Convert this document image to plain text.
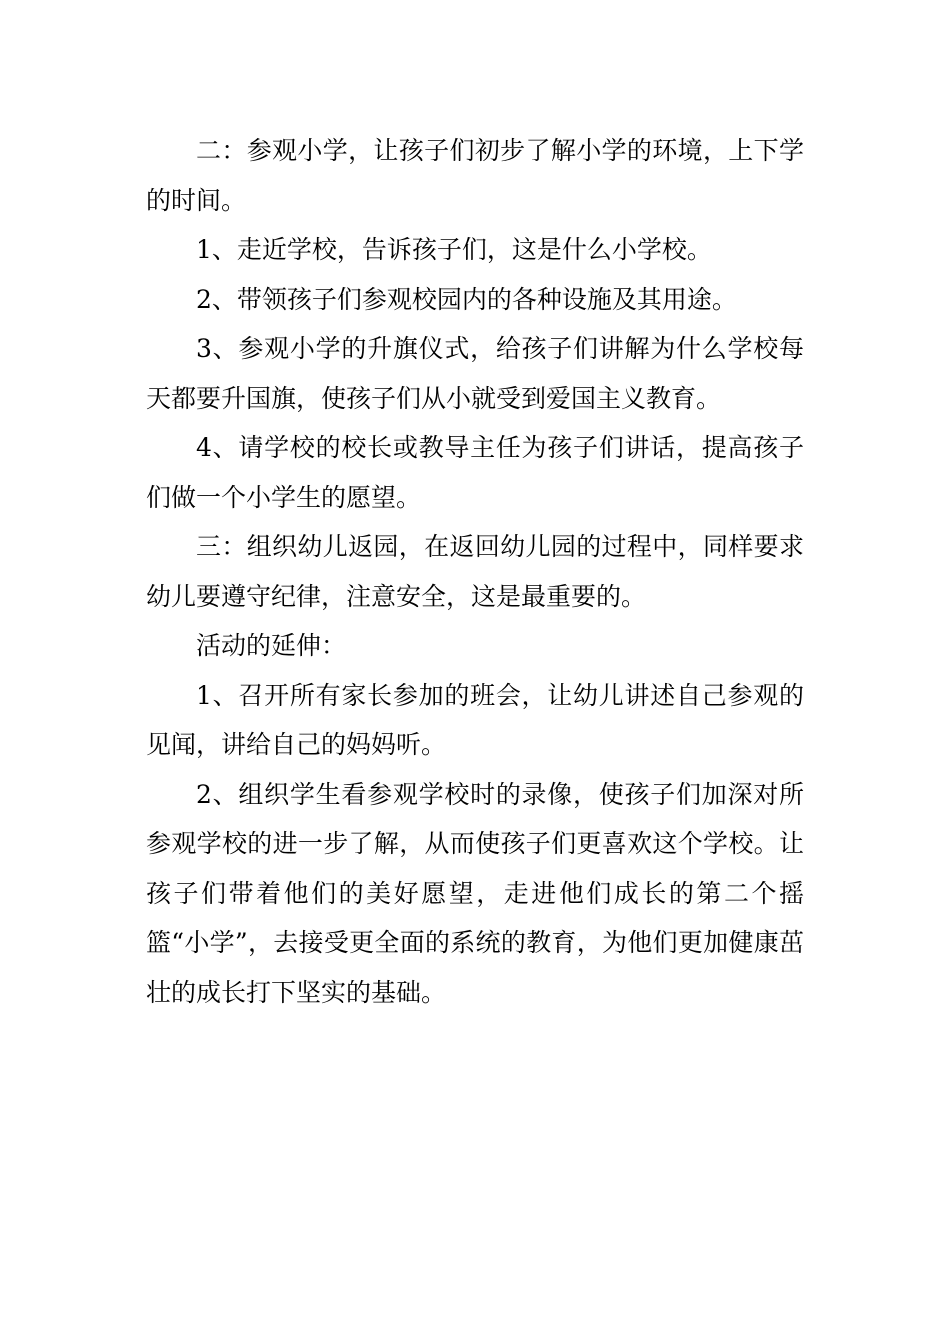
二：参观小学，让孩子们初步了解小学的环境，上下学的时间。

1、走近学校，告诉孩子们，这是什么小学校。

2、带领孩子们参观校园内的各种设施及其用途。

3、参观小学的升旗仪式，给孩子们讲解为什么学校每天都要升国旗，使孩子们从小就受到爱国主义教育。

4、请学校的校长或教导主任为孩子们讲话，提高孩子们做一个小学生的愿望。

三：组织幼儿返园，在返回幼儿园的过程中，同样要求幼儿要遵守纪律，注意安全，这是最重要的。

活动的延伸：

1、召开所有家长参加的班会，让幼儿讲述自己参观的见闻，讲给自己的妈妈听。

2、组织学生看参观学校时的录像，使孩子们加深对所参观学校的进一步了解，从而使孩子们更喜欢这个学校。让孩子们带着他们的美好愿望，走进他们成长的第二个摇篮“小学”，去接受更全面的系统的教育，为他们更加健康茁壮的成长打下坚实的基础。
